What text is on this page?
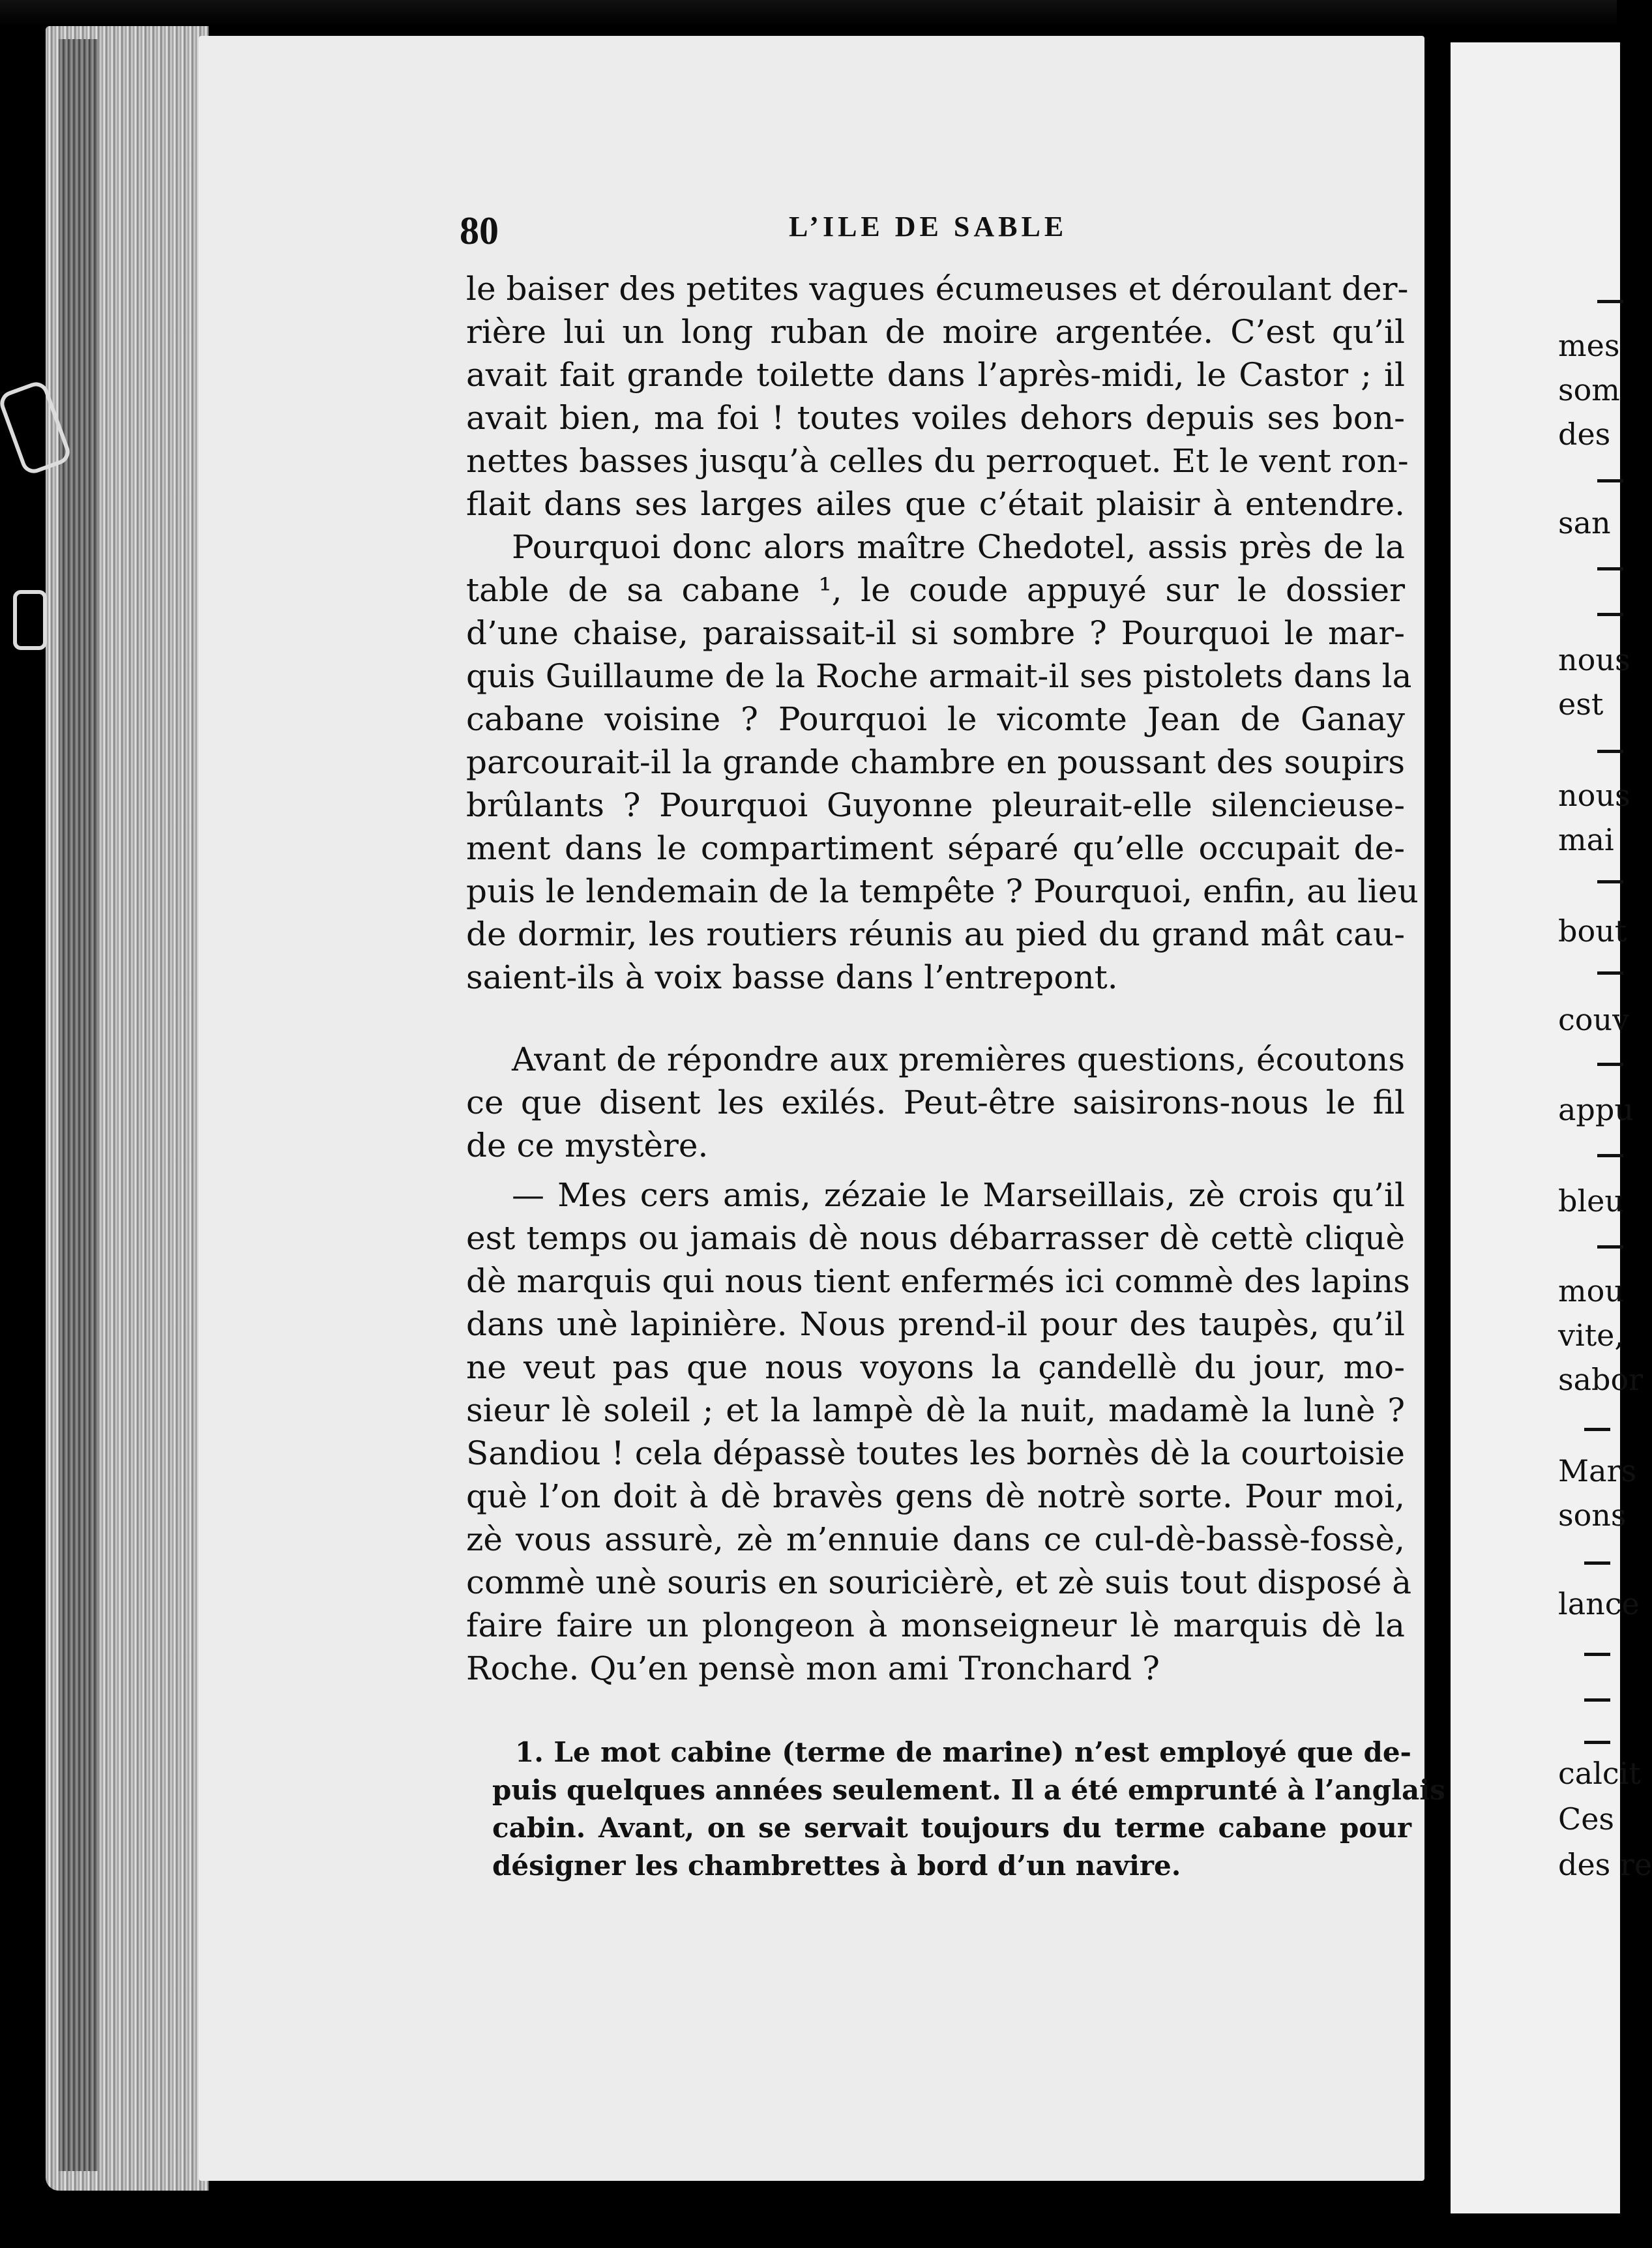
80	L’ILE DE SABLE
le baiser des petites vagues écumeuses et déroulant der-
rière lui un long ruban de moire argentée. C’est qu’il
avait fait grande toilette dans l’après-midi, le Castor ; il
avait bien, ma foi ! toutes voiles dehors depuis ses bon-
nettes basses jusqu’à celles du perroquet. Et le vent ron-
flait dans ses larges ailes que c’était plaisir à entendre.
Pourquoi donc alors maître Chedotel, assis près de la
table de sa cabane ¹, le coude appuyé sur le dossier
d’une chaise, paraissait-il si sombre ? Pourquoi le mar-
quis Guillaume de la Roche armait-il ses pistolets dans la
cabane voisine ? Pourquoi le vicomte Jean de Ganay
parcourait-il la grande chambre en poussant des soupirs
brûlants ? Pourquoi Guyonne pleurait-elle silencieuse-
ment dans le compartiment séparé qu’elle occupait de-
puis le lendemain de la tempête ? Pourquoi, enfin, au lieu
de dormir, les routiers réunis au pied du grand mât cau-
saient-ils à voix basse dans l’entrepont.
Avant de répondre aux premières questions, écoutons
ce que disent les exilés. Peut-être saisirons-nous le fil
de ce mystère.
— Mes cers amis, zézaie le Marseillais, zè crois qu’il
est temps ou jamais dè nous débarrasser dè cettè cliquè
dè marquis qui nous tient enfermés ici commè des lapins
dans unè lapinière. Nous prend-il pour des taupès, qu’il
ne veut pas que nous voyons la çandellè du jour, mo-
sieur lè soleil ; et la lampè dè la nuit, madamè la lunè ?
Sandiou ! cela dépassè toutes les bornès dè la courtoisie
què l’on doit à dè bravès gens dè notrè sorte. Pour moi,
zè vous assurè, zè m’ennuie dans ce cul-dè-bassè-fossè,
commè unè souris en souricièrè, et zè suis tout disposé à
faire faire un plongeon à monseigneur lè marquis dè la
Roche. Qu’en pensè mon ami Tronchard ?
1. Le mot cabine (terme de marine) n’est employé que de-
puis quelques années seulement. Il a été emprunté à l’anglais
cabin. Avant, on se servait toujours du terme cabane pour
désigner les chambrettes à bord d’un navire.
mes
som
des
san
nous
est
nous
mai
bout
couv
appu
bleu
mou
vite,
sabor
Mars
sons
lance
calcit
Ces
des re
